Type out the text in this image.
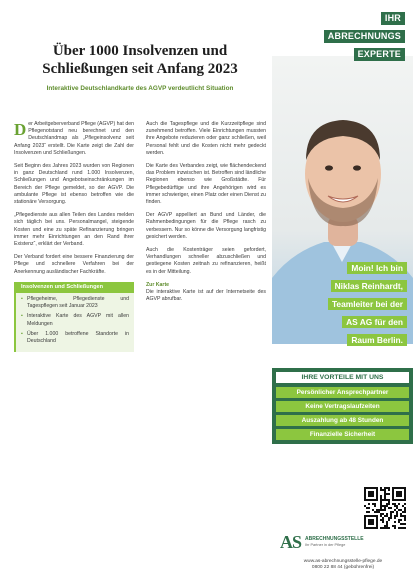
Über 1000 Insolvenzen und
Schließungen seit Anfang 2023
Interaktive Deutschlandkarte des AGVP verdeutlicht Situation

Der Arbeitgeberverband Pflege (AGVP) hat den Pflegenotstand neu berechnet und den Deutschlandmap als „Pflegeinsolvenz seit Anfang 2023“ erstellt. Die Karte zeigt die Zahl der Insolvenzen und Schließungen.

Seit Beginn des Jahres 2023 wurden von Regionen in ganz Deutschland rund 1.000 Insolvenzen, Schließungen und Angebotseinschränkungen im Bereich der Pflege gemeldet, so der AGVP. Die ambulante Pflege ist ebenso betroffen wie die stationäre Versorgung.

„Pflegedienste aus allen Teilen des Landes melden sich täglich bei uns. Personalmangel, steigende Kosten und eine zu späte Refinanzierung bringen immer mehr Einrichtungen an den Rand ihrer Existenz“, erklärt der Verband.

Der Verband fordert eine bessere Finanzierung der Pflege und schnellere Verfahren bei der Anerkennung ausländischer Fachkräfte.

Insolvenzen und Schließungen
▪ Pflegeheime, Pflegedienste und Tagespflegen seit Januar 2023
▪ Interaktive Karte des AGVP mit allen Meldungen
▪ Über 1.000 betroffene Standorte in Deutschland

Auch die Tagespflege und die Kurzzeitpflege sind zunehmend betroffen. Viele Einrichtungen mussten ihre Angebote reduzieren oder ganz schließen, weil Personal fehlt und die Kosten nicht mehr gedeckt werden.

Die Karte des Verbandes zeigt, wie flächendeckend das Problem inzwischen ist. Betroffen sind ländliche Regionen ebenso wie Großstädte. Für Pflegebedürftige und ihre Angehörigen wird es immer schwieriger, einen Platz oder einen Dienst zu finden.

Der AGVP appelliert an Bund und Länder, die Rahmenbedingungen für die Pflege rasch zu verbessern. Nur so könne die Versorgung langfristig gesichert werden.

Auch die Kostenträger seien gefordert, Verhandlungen schneller abzuschließen und gestiegene Kosten zeitnah zu refinanzieren, heißt es in der Mitteilung.

Zur Karte

Die interaktive Karte ist auf der Internetseite des AGVP abrufbar.

IHR
ABRECHNUNGS
EXPERTE
Moin! Ich bin
Niklas Reinhardt,
Teamleiter bei der
AS AG für den
Raum Berlin.
IHRE VORTEILE MIT UNS
Persönlicher Ansprechpartner
Keine Vertragslaufzeiten
Auszahlung ab 48 Stunden
Finanzielle Sicherheit
AS ABRECHNUNGSSTELLE
Ihr Partner in der Pflege
www.as-abrechnungsstelle-pflege.de
0800 22 88 44 (gebührenfrei)
